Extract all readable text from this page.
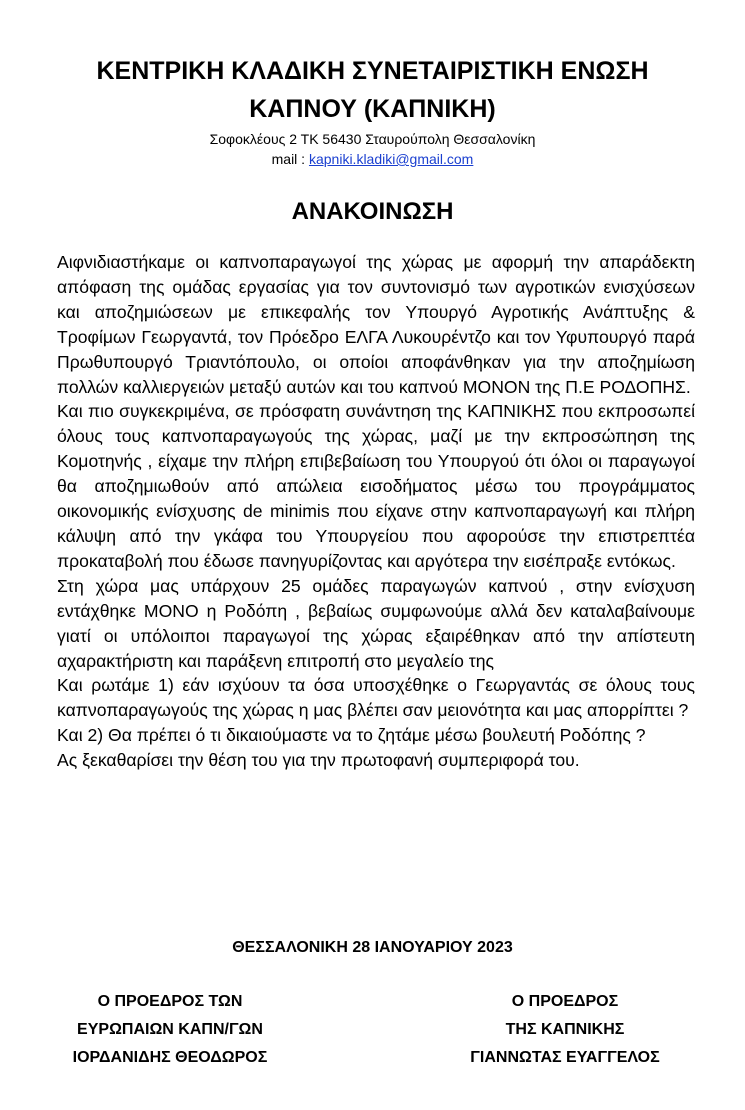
ΚΕΝΤΡΙΚΗ ΚΛΑΔΙΚΗ ΣΥΝΕΤΑΙΡΙΣΤΙΚΗ ΕΝΩΣΗ
ΚΑΠΝΟΥ (ΚΑΠΝΙΚΗ)
Σοφοκλέους 2 ΤΚ 56430 Σταυρούπολη Θεσσαλονίκη
mail : kapniki.kladiki@gmail.com
ΑΝΑΚΟΙΝΩΣΗ

Αιφνιδιαστήκαμε οι καπνοπαραγωγοί της χώρας με αφορμή την απαράδεκτη απόφαση της ομάδας εργασίας για τον συντονισμό των αγροτικών ενισχύσεων και αποζημιώσεων με επικεφαλής τον Υπουργό Αγροτικής Ανάπτυξης & Τροφίμων Γεωργαντά, τον Πρόεδρο ΕΛΓΑ Λυκουρέντζο και τον Υφυπουργό παρά Πρωθυπουργό Τριαντόπουλο, οι οποίοι αποφάνθηκαν για την αποζημίωση πολλών καλλιεργειών μεταξύ αυτών και του καπνού ΜΟΝΟΝ της Π.Ε ΡΟΔΟΠΗΣ.

Και πιο συγκεκριμένα, σε πρόσφατη συνάντηση της ΚΑΠΝΙΚΗΣ που εκπροσωπεί όλους τους καπνοπαραγωγούς της χώρας, μαζί με την εκπροσώπηση της Κομοτηνής , είχαμε την πλήρη επιβεβαίωση του Υπουργού ότι όλοι οι παραγωγοί θα αποζημιωθούν από απώλεια εισοδήματος μέσω του προγράμματος οικονομικής ενίσχυσης de minimis που είχανε στην καπνοπαραγωγή και πλήρη κάλυψη από την γκάφα του Υπουργείου που αφορούσε την επιστρεπτέα προκαταβολή που έδωσε πανηγυρίζοντας και αργότερα την εισέπραξε εντόκως.

Στη χώρα μας υπάρχουν 25 ομάδες παραγωγών καπνού , στην ενίσχυση εντάχθηκε ΜΟΝΟ η Ροδόπη , βεβαίως συμφωνούμε αλλά δεν καταλαβαίνουμε γιατί οι υπόλοιποι παραγωγοί της χώρας εξαιρέθηκαν από την απίστευτη αχαρακτήριστη και παράξενη επιτροπή στο μεγαλείο της

Και ρωτάμε 1) εάν ισχύουν τα όσα υποσχέθηκε ο Γεωργαντάς σε όλους τους καπνοπαραγωγούς της χώρας η μας βλέπει σαν μειονότητα και μας απορρίπτει ?

Και 2) Θα πρέπει ό τι δικαιούμαστε να το ζητάμε μέσω βουλευτή Ροδόπης ?

Ας ξεκαθαρίσει την θέση του για την πρωτοφανή συμπεριφορά του.

ΘΕΣΣΑΛΟΝΙΚΗ 28 ΙΑΝΟΥΑΡΙΟΥ 2023
Ο ΠΡΟΕΔΡΟΣ ΤΩΝ
ΕΥΡΩΠΑΙΩΝ ΚΑΠΝ/ΓΩΝ
ΙΟΡΔΑΝΙΔΗΣ ΘΕΟΔΩΡΟΣ
Ο ΠΡΟΕΔΡΟΣ
ΤΗΣ ΚΑΠΝΙΚΗΣ
ΓΙΑΝΝΩΤΑΣ ΕΥΑΓΓΕΛΟΣ
